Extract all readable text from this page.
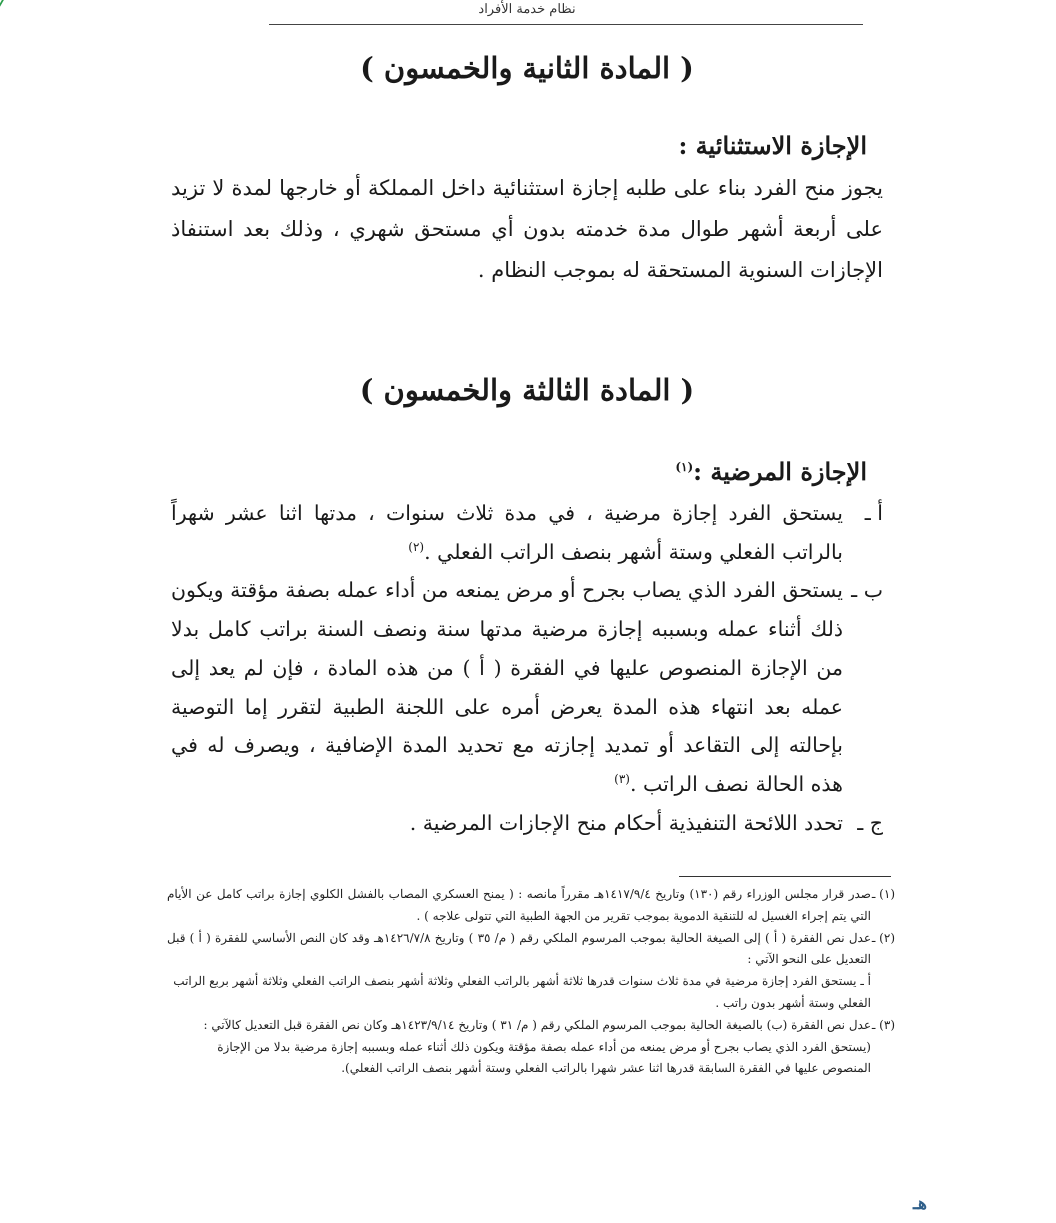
نظام خدمة الأفراد
( المادة الثانية والخمسون )
الإجازة الاستثنائية :

يجوز منح الفرد بناء على طلبه إجازة استثنائية داخل المملكة أو خارجها لمدة لا تزيد على أربعة أشهر طوال مدة خدمته بدون أي مستحق شهري ، وذلك بعد استنفاذ الإجازات السنوية المستحقة له بموجب النظام .

( المادة الثالثة والخمسون )
الإجازة المرضية :$^{(١)}$
أ ـ
يستحق الفرد إجازة مرضية ، في مدة ثلاث سنوات ، مدتها اثنا عشر شهراً بالراتب الفعلي وستة أشهر بنصف الراتب الفعلي .$^{(٢)}$
ب ـ
يستحق الفرد الذي يصاب بجرح أو مرض يمنعه من أداء عمله بصفة مؤقتة ويكون ذلك أثناء عمله وبسببه إجازة مرضية مدتها سنة ونصف السنة براتب كامل بدلا من الإجازة المنصوص عليها في الفقرة ( أ ) من هذه المادة ، فإن لم يعد إلى عمله بعد انتهاء هذه المدة يعرض أمره على اللجنة الطبية لتقرر إما التوصية بإحالته إلى التقاعد أو تمديد إجازته مع تحديد المدة الإضافية ، ويصرف له في هذه الحالة نصف الراتب .$^{(٣)}$
ج ـ
تحدد اللائحة التنفيذية أحكام منح الإجازات المرضية .

(١) ـ
صدر قرار مجلس الوزراء رقم (١٣٠) وتاريخ ١٤١٧/٩/٤هـ مقرراً مانصه : ( يمنح العسكري المصاب بالفشل الكلوي إجازة براتب كامل عن الأيام التي يتم إجراء الغسيل له للتنقية الدموية بموجب تقرير من الجهة الطبية التي تتولى علاجه ) .

(٢) ـ
عدل نص الفقرة ( أ ) إلى الصيغة الحالية بموجب المرسوم الملكي رقم ( م/ ٣٥ ) وتاريخ ١٤٢٦/٧/٨هـ وقد كان النص الأساسي للفقرة ( أ ) قبل التعديل على النحو الآتي :
أ ـ يستحق الفرد إجازة مرضية في مدة ثلاث سنوات قدرها ثلاثة أشهر بالراتب الفعلي وثلاثة أشهر بنصف الراتب الفعلي وثلاثة أشهر بربع الراتب الفعلي وستة أشهر بدون راتب .

(٣) ـ
عدل نص الفقرة (ب) بالصيغة الحالية بموجب المرسوم الملكي رقم ( م/ ٣١ ) وتاريخ ١٤٢٣/٩/١٤هـ وكان نص الفقرة قبل التعديل كالآتي :
(يستحق الفرد الذي يصاب بجرح أو مرض يمنعه من أداء عمله بصفة مؤقتة ويكون ذلك أثناء عمله وبسببه إجازة مرضية بدلا من الإجازة المنصوص عليها في الفقرة السابقة قدرها اثنا عشر شهرا بالراتب الفعلي وستة أشهر بنصف الراتب الفعلي).

هـ
